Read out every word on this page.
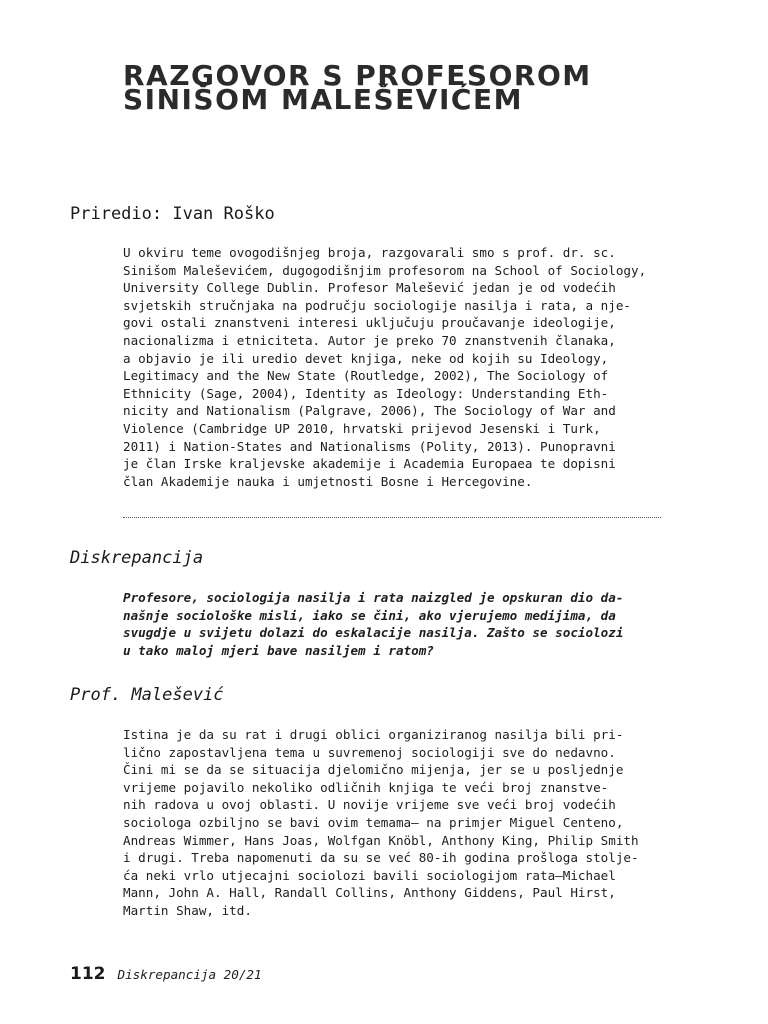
RAZGOVOR S PROFESOROM
SINIŠOM MALEŠEVIĆEM
Priredio: Ivan Roško
U okviru teme ovogodišnjeg broja, razgovarali smo s prof. dr. sc.
Sinišom Maleševićem, dugogodišnjim profesorom na School of Sociology,
University College Dublin. Profesor Malešević jedan je od vodećih
svjetskih stručnjaka na području sociologije nasilja i rata, a nje-
govi ostali znanstveni interesi uključuju proučavanje ideologije,
nacionalizma i etniciteta. Autor je preko 70 znanstvenih članaka,
a objavio je ili uredio devet knjiga, neke od kojih su Ideology,
Legitimacy and the New State (Routledge, 2002), The Sociology of
Ethnicity (Sage, 2004), Identity as Ideology: Understanding Eth-
nicity and Nationalism (Palgrave, 2006), The Sociology of War and
Violence (Cambridge UP 2010, hrvatski prijevod Jesenski i Turk,
2011) i Nation-States and Nationalisms (Polity, 2013). Punopravni
je član Irske kraljevske akademije i Academia Europaea te dopisni
član Akademije nauka i umjetnosti Bosne i Hercegovine.
Diskrepancija
Profesore, sociologija nasilja i rata naizgled je opskuran dio da-
našnje sociološke misli, iako se čini, ako vjerujemo medijima, da
svugdje u svijetu dolazi do eskalacije nasilja. Zašto se sociolozi
u tako maloj mjeri bave nasiljem i ratom?
Prof. Malešević
Istina je da su rat i drugi oblici organiziranog nasilja bili pri-
lično zapostavljena tema u suvremenoj sociologiji sve do nedavno.
Čini mi se da se situacija djelomično mijenja, jer se u posljednje
vrijeme pojavilo nekoliko odličnih knjiga te veći broj znanstve-
nih radova u ovoj oblasti. U novije vrijeme sve veći broj vodećih
sociologa ozbiljno se bavi ovim temama– na primjer Miguel Centeno,
Andreas Wimmer, Hans Joas, Wolfgan Knöbl, Anthony King, Philip Smith
i drugi. Treba napomenuti da su se već 80-ih godina prošloga stolje-
ća neki vrlo utjecajni sociolozi bavili sociologijom rata–Michael
Mann, John A. Hall, Randall Collins, Anthony Giddens, Paul Hirst,
Martin Shaw, itd.
112 Diskrepancija 20/21
